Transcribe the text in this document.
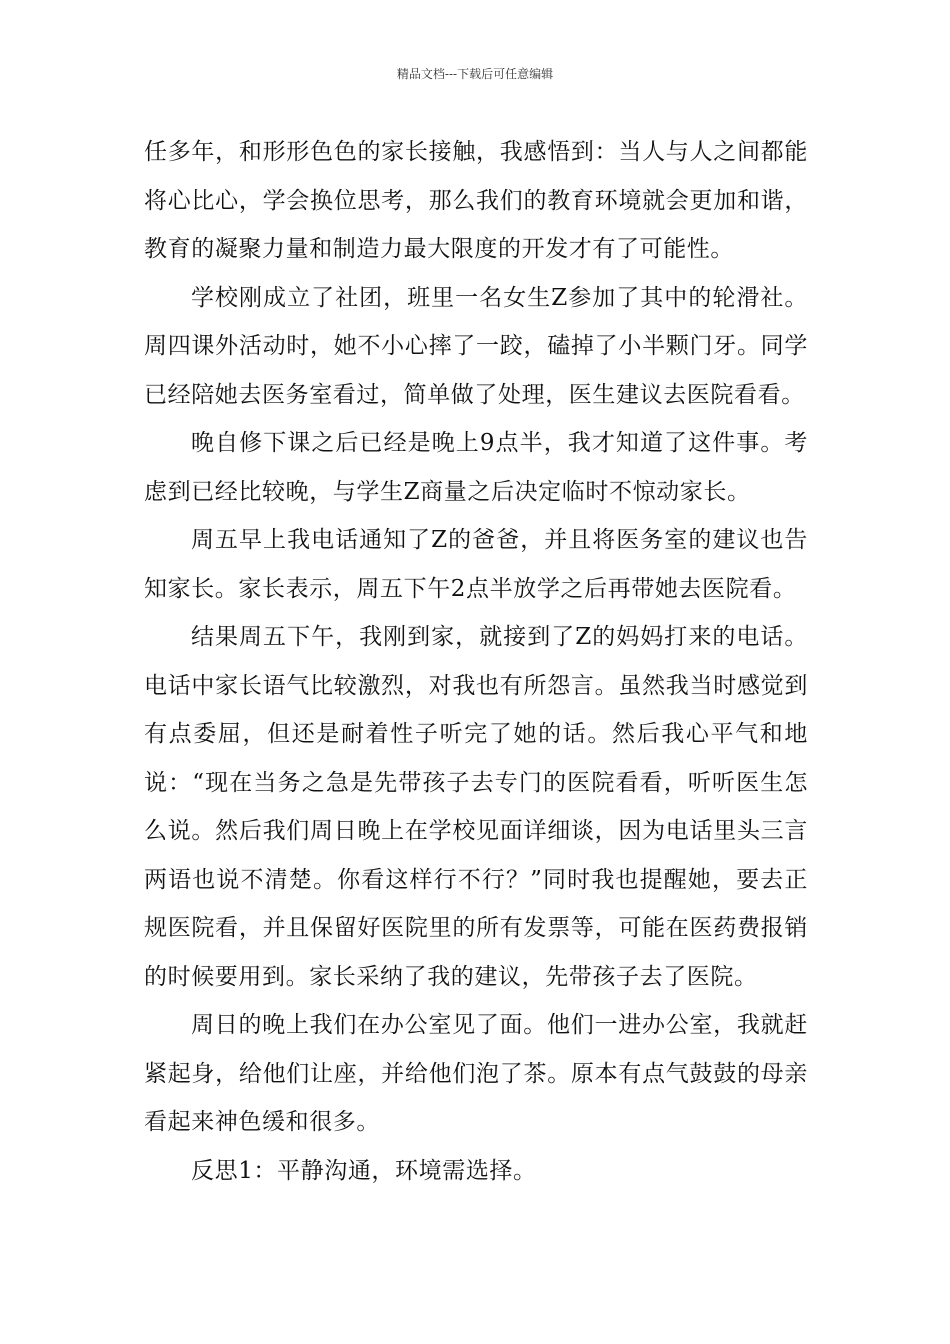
精品文档---下载后可任意编辑

任多年，和形形色色的家长接触，我感悟到：当人与人之间都能将心比心，学会换位思考，那么我们的教育环境就会更加和谐，教育的凝聚力量和制造力最大限度的开发才有了可能性。

学校刚成立了社团，班里一名女生Z参加了其中的轮滑社。周四课外活动时，她不小心摔了一跤，磕掉了小半颗门牙。同学已经陪她去医务室看过，简单做了处理，医生建议去医院看看。

晚自修下课之后已经是晚上9点半，我才知道了这件事。考虑到已经比较晚，与学生Z商量之后决定临时不惊动家长。

周五早上我电话通知了Z的爸爸，并且将医务室的建议也告知家长。家长表示，周五下午2点半放学之后再带她去医院看。

结果周五下午，我刚到家，就接到了Z的妈妈打来的电话。电话中家长语气比较激烈，对我也有所怨言。虽然我当时感觉到有点委屈，但还是耐着性子听完了她的话。然后我心平气和地说：“现在当务之急是先带孩子去专门的医院看看，听听医生怎么说。然后我们周日晚上在学校见面详细谈，因为电话里头三言两语也说不清楚。你看这样行不行？”同时我也提醒她，要去正规医院看，并且保留好医院里的所有发票等，可能在医药费报销的时候要用到。家长采纳了我的建议，先带孩子去了医院。

周日的晚上我们在办公室见了面。他们一进办公室，我就赶紧起身，给他们让座，并给他们泡了茶。原本有点气鼓鼓的母亲看起来神色缓和很多。

反思1：平静沟通，环境需选择。
